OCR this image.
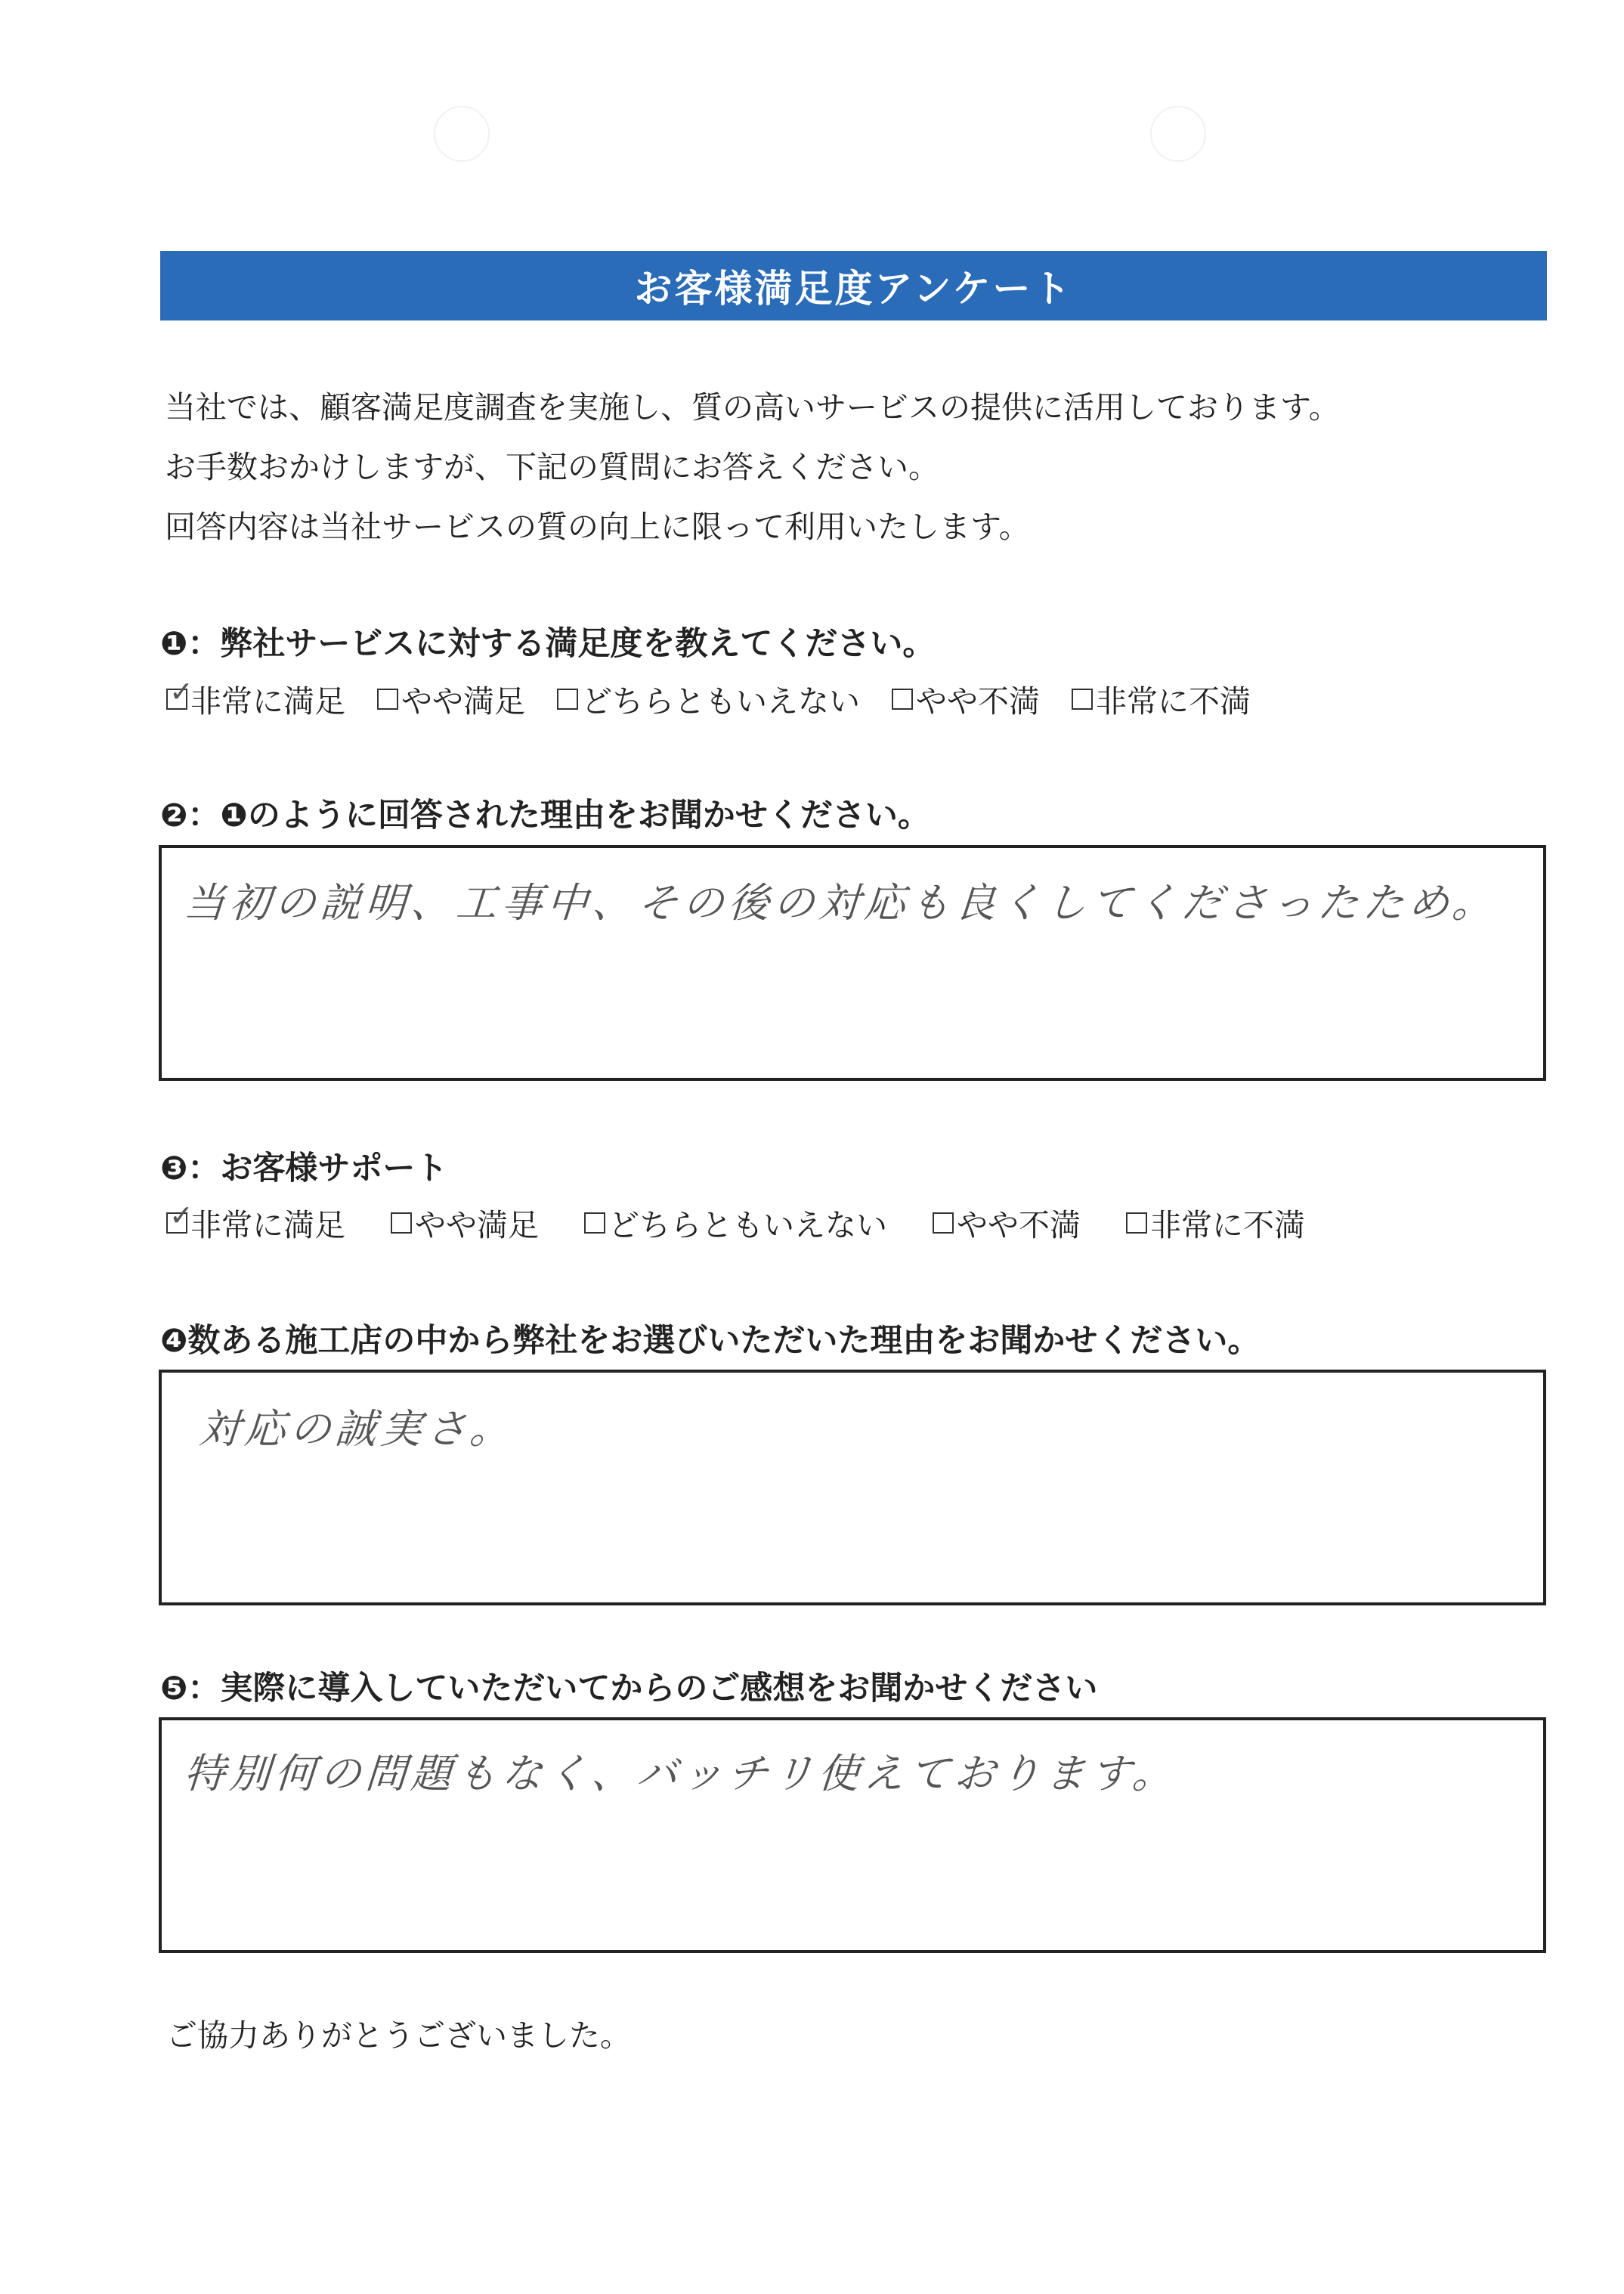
お客様満足度アンケート
当社では、顧客満足度調査を実施し、質の高いサービスの提供に活用しております。
お手数おかけしますが、下記の質問にお答えください。
回答内容は当社サービスの質の向上に限って利用いたします。
❶：弊社サービスに対する満足度を教えてください。
✓
非常に満足 やや満足 どちらともいえない やや不満 非常に不満
❷：❶のように回答された理由をお聞かせください。
当初の説明、工事中、その後の対応も良くしてくださったため。
❸：お客様サポート
✓
非常に満足 やや満足 どちらともいえない やや不満 非常に不満
❹数ある施工店の中から弊社をお選びいただいた理由をお聞かせください。
対応の誠実さ。
❺：実際に導入していただいてからのご感想をお聞かせください
特別何の問題もなく、バッチリ使えております。
ご協力ありがとうございました。
